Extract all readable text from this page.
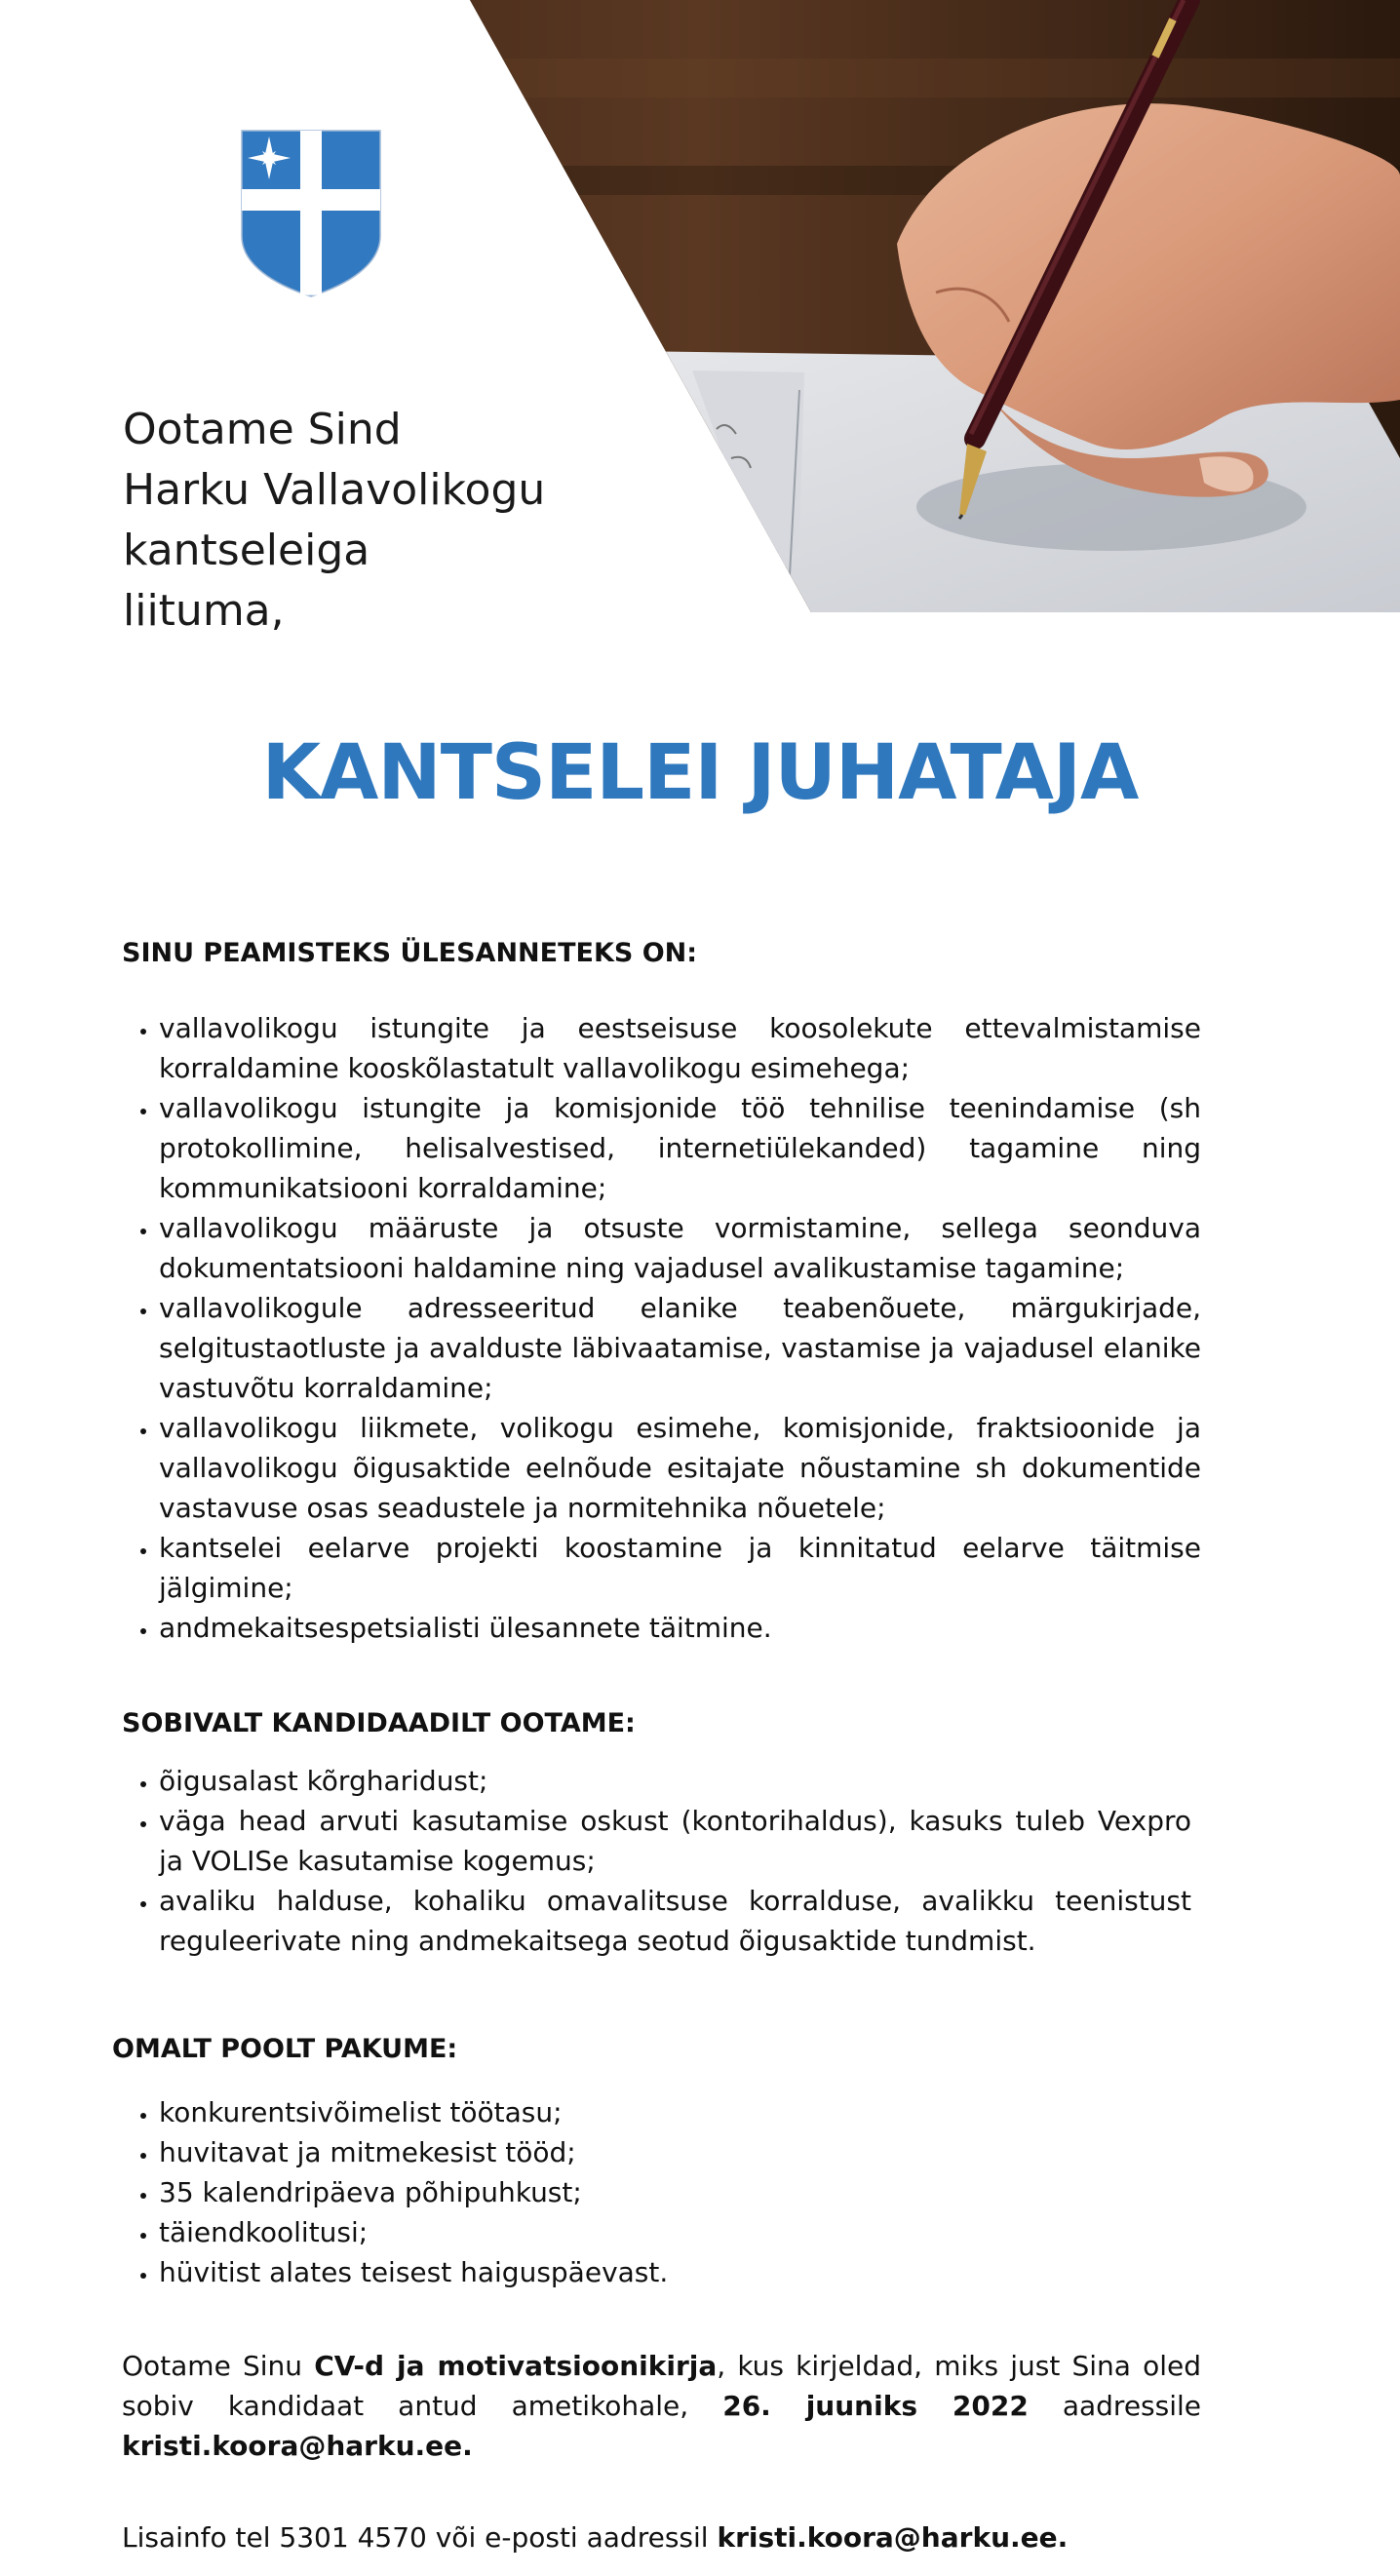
Ootame Sind
Harku Vallavolikogu
kantseleiga
liituma,
KANTSELEI JUHATAJA
SINU PEAMISTEKS ÜLESANNETEKS ON:
• vallavolikogu istungite ja eestseisuse koosolekute ettevalmistamise korraldamine kooskõlastatult vallavolikogu esimehega;
• vallavolikogu istungite ja komisjonide töö tehnilise teenindamise (sh protokollimine, helisalvestised, internetiülekanded) tagamine ning kommunikatsiooni korraldamine;
• vallavolikogu määruste ja otsuste vormistamine, sellega seonduva dokumentatsiooni haldamine ning vajadusel avalikustamise tagamine;
• vallavolikogule adresseeritud elanike teabenõuete, märgukirjade, selgitustaotluste ja avalduste läbivaatamise, vastamise ja vajadusel elanike vastuvõtu korraldamine;
• vallavolikogu liikmete, volikogu esimehe, komisjonide, fraktsioonide ja vallavolikogu õigusaktide eelnõude esitajate nõustamine sh dokumentide vastavuse osas seadustele ja normitehnika nõuetele;
• kantselei eelarve projekti koostamine ja kinnitatud eelarve täitmise jälgimine;
• andmekaitsespetsialisti ülesannete täitmine.
SOBIVALT KANDIDAADILT OOTAME:
• õigusalast kõrgharidust;
• väga head arvuti kasutamise oskust (kontorihaldus), kasuks tuleb Vexpro ja VOLISe kasutamise kogemus;
• avaliku halduse, kohaliku omavalitsuse korralduse, avalikku teenistust reguleerivate ning andmekaitsega seotud õigusaktide tundmist.
OMALT POOLT PAKUME:
• konkurentsivõimelist töötasu;
• huvitavat ja mitmekesist tööd;
• 35 kalendripäeva põhipuhkust;
• täiendkoolitusi;
• hüvitist alates teisest haiguspäevast.

Ootame Sinu CV-d ja motivatsioonikirja, kus kirjeldad, miks just Sina oled sobiv kandidaat antud ametikohale, 26. juuniks 2022 aadressile kristi.koora@harku.ee.

Lisainfo tel 5301 4570 või e-posti aadressil kristi.koora@harku.ee.
